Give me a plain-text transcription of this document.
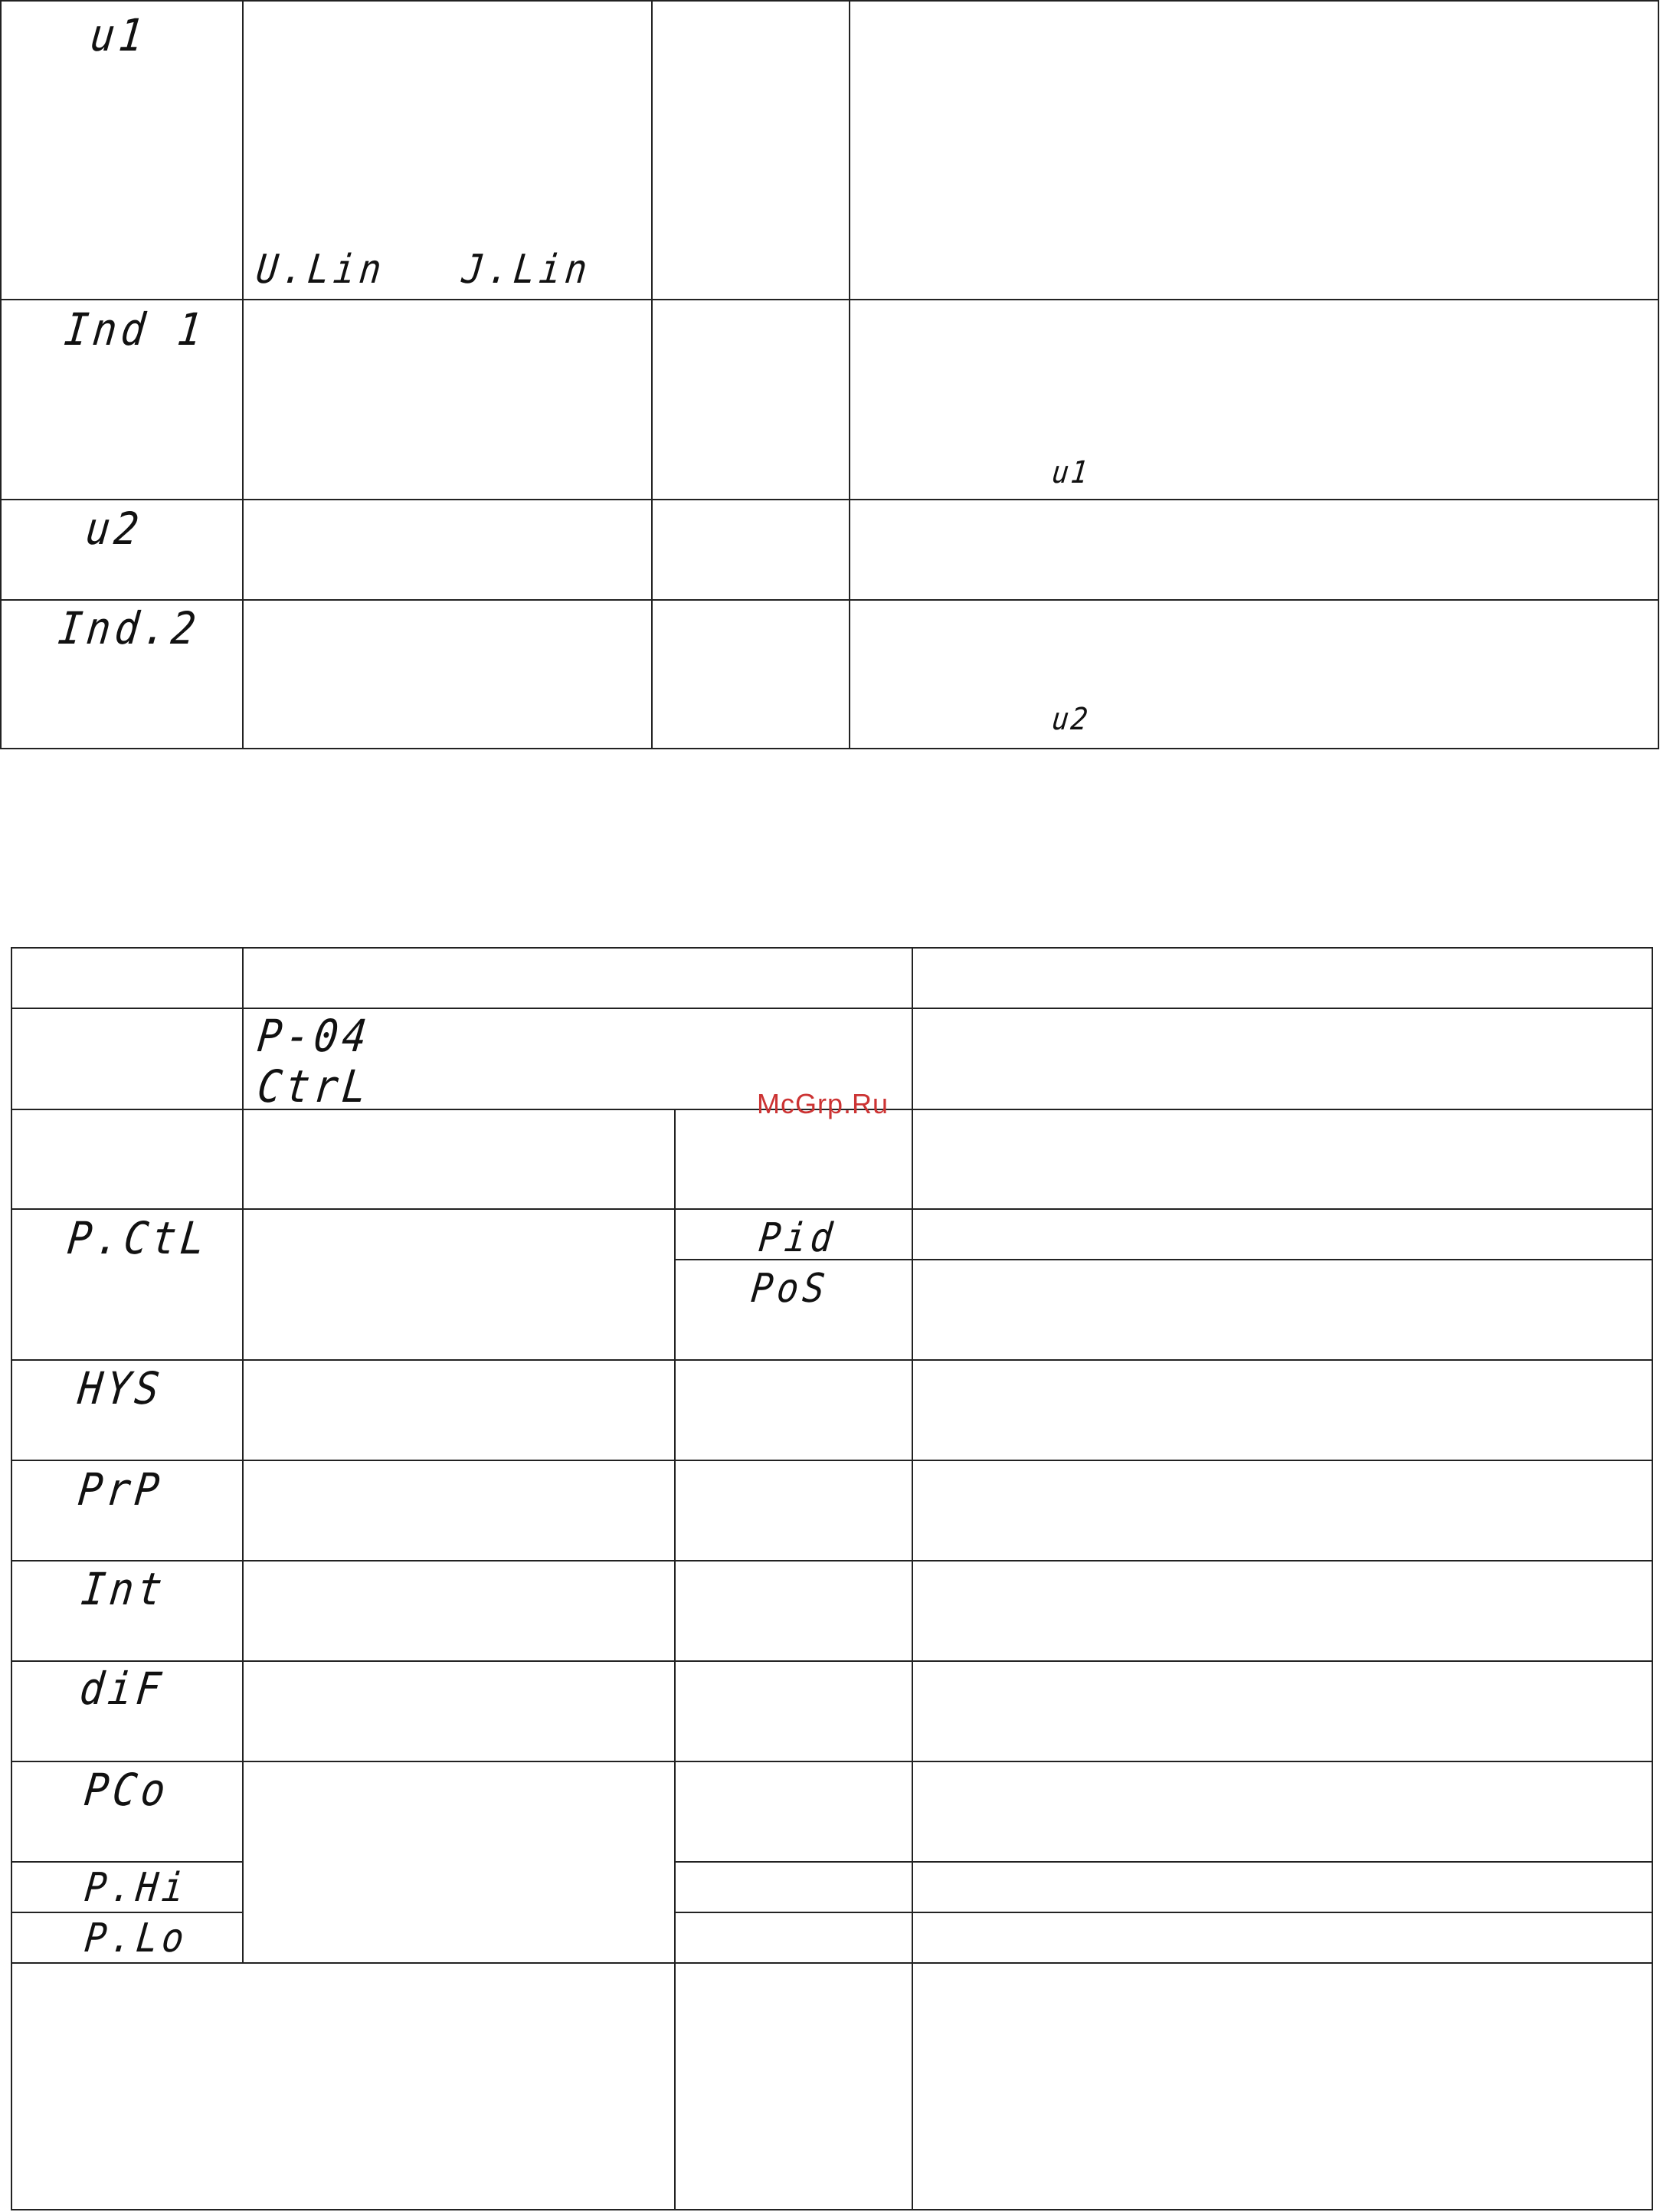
u1
U.Lin   J.Lin
Ind 1
u1
u2
Ind.2
u2
P-04
CtrL
P.CtL	Pid
PoS
HYS
PrP
Int
diF
PCo
P.Hi
P.Lo
McGrp.Ru
